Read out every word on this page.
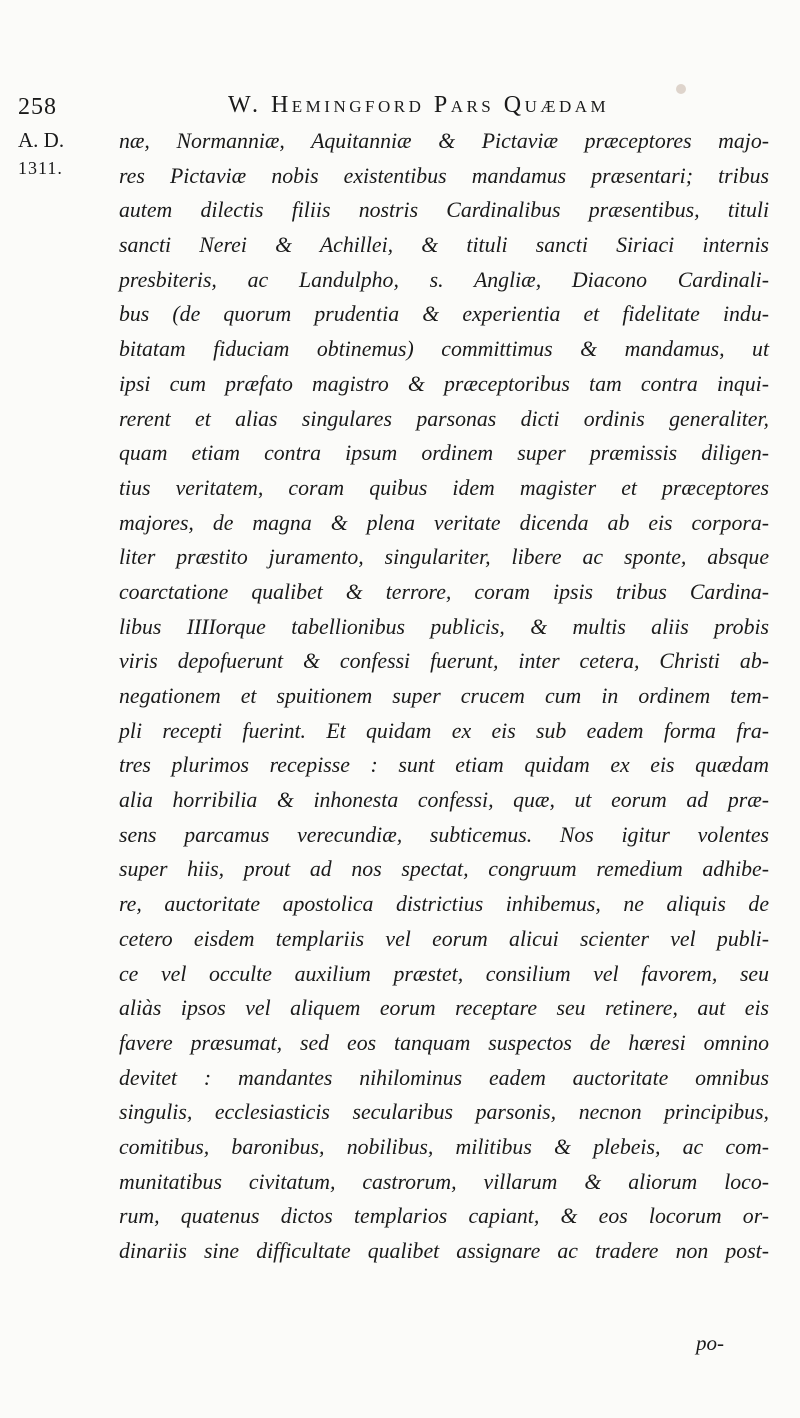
258	W. Hemingford Pars Quædam
A. D.
1311.
næ, Normanniæ, Aquitanniæ & Pictaviæ præceptores majo-
res Pictaviæ nobis existentibus mandamus præsentari; tribus
autem dilectis filiis nostris Cardinalibus præsentibus, tituli
sancti Nerei & Achillei, & tituli sancti Siriaci internis
presbiteris, ac Landulpho, s. Angliæ, Diacono Cardinali-
bus (de quorum prudentia & experientia et fidelitate indu-
bitatam fiduciam obtinemus) committimus & mandamus, ut
ipsi cum præfato magistro & præceptoribus tam contra inqui-
rerent et alias singulares parsonas dicti ordinis generaliter,
quam etiam contra ipsum ordinem super præmissis diligen-
tius veritatem, coram quibus idem magister et præceptores
majores, de magna & plena veritate dicenda ab eis corpora-
liter præstito juramento, singulariter, libere ac sponte, absque
coarctatione qualibet & terrore, coram ipsis tribus Cardina-
libus IIIIorque tabellionibus publicis, & multis aliis probis
viris depofuerunt & confessi fuerunt, inter cetera, Christi ab-
negationem et spuitionem super crucem cum in ordinem tem-
pli recepti fuerint. Et quidam ex eis sub eadem forma fra-
tres plurimos recepisse : sunt etiam quidam ex eis quædam
alia horribilia & inhonesta confessi, quæ, ut eorum ad præ-
sens parcamus verecundiæ, subticemus. Nos igitur volentes
super hiis, prout ad nos spectat, congruum remedium adhibe-
re, auctoritate apostolica districtius inhibemus, ne aliquis de
cetero eisdem templariis vel eorum alicui scienter vel publi-
ce vel occulte auxilium præstet, consilium vel favorem, seu
aliàs ipsos vel aliquem eorum receptare seu retinere, aut eis
favere præsumat, sed eos tanquam suspectos de hæresi omnino
devitet : mandantes nihilominus eadem auctoritate omnibus
singulis, ecclesiasticis secularibus parsonis, necnon principibus,
comitibus, baronibus, nobilibus, militibus & plebeis, ac com-
munitatibus civitatum, castrorum, villarum & aliorum loco-
rum, quatenus dictos templarios capiant, & eos locorum or-
dinariis sine difficultate qualibet assignare ac tradere non post-
po-
